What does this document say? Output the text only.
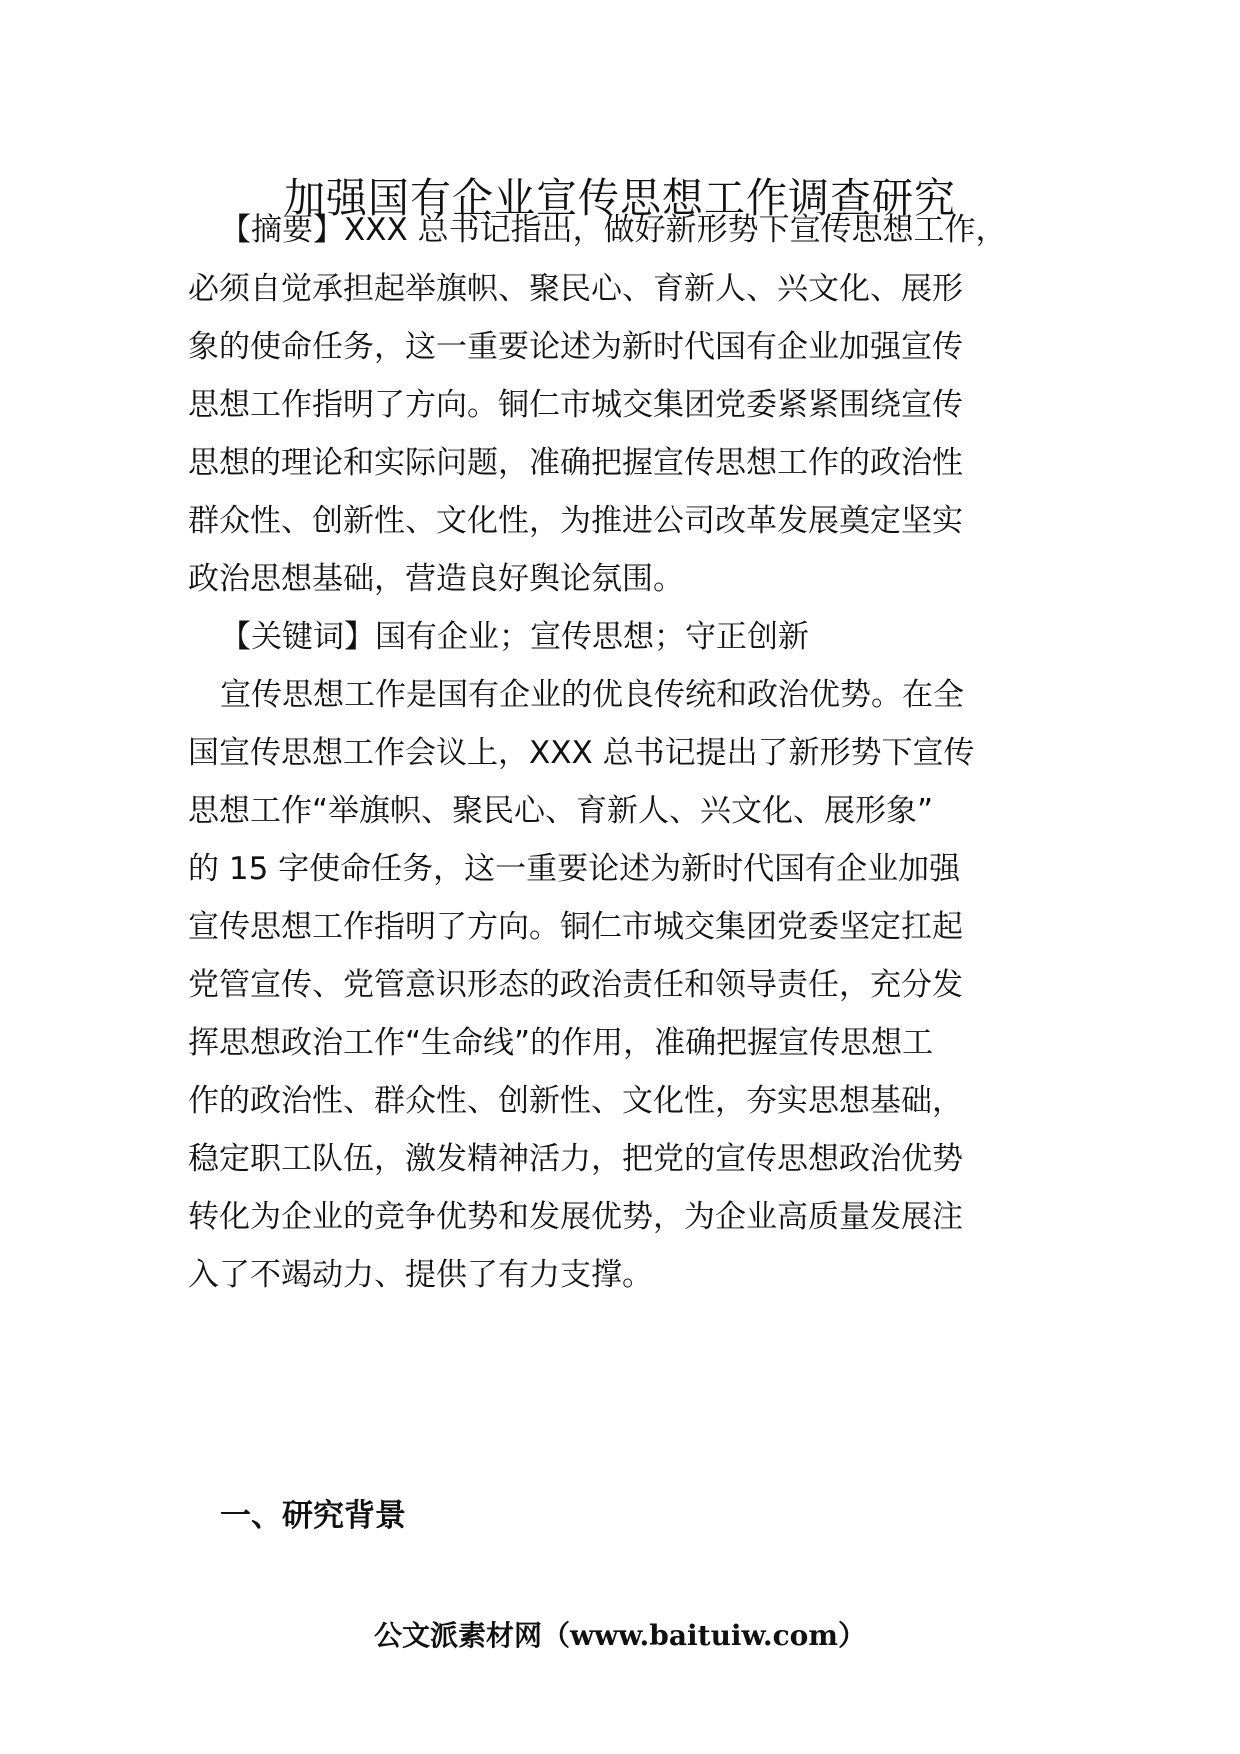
加强国有企业宣传思想工作调查研究

【摘要】XXX 总书记指出，做好新形势下宣传思想工作，

必须自觉承担起举旗帜、聚民心、育新人、兴文化、展形

象的使命任务，这一重要论述为新时代国有企业加强宣传

思想工作指明了方向。铜仁市城交集团党委紧紧围绕宣传

思想的理论和实际问题，准确把握宣传思想工作的政治性

群众性、创新性、文化性，为推进公司改革发展奠定坚实

政治思想基础，营造良好舆论氛围。

【关键词】国有企业；宣传思想；守正创新

宣传思想工作是国有企业的优良传统和政治优势。在全

国宣传思想工作会议上，XXX 总书记提出了新形势下宣传

思想工作“举旗帜、聚民心、育新人、兴文化、展形象”

的 15 字使命任务，这一重要论述为新时代国有企业加强

宣传思想工作指明了方向。铜仁市城交集团党委坚定扛起

党管宣传、党管意识形态的政治责任和领导责任，充分发

挥思想政治工作“生命线”的作用，准确把握宣传思想工

作的政治性、群众性、创新性、文化性，夯实思想基础，

稳定职工队伍，激发精神活力，把党的宣传思想政治优势

转化为企业的竞争优势和发展优势，为企业高质量发展注

入了不竭动力、提供了有力支撑。

一、研究背景
公文派素材网（www.baituiw.com）
